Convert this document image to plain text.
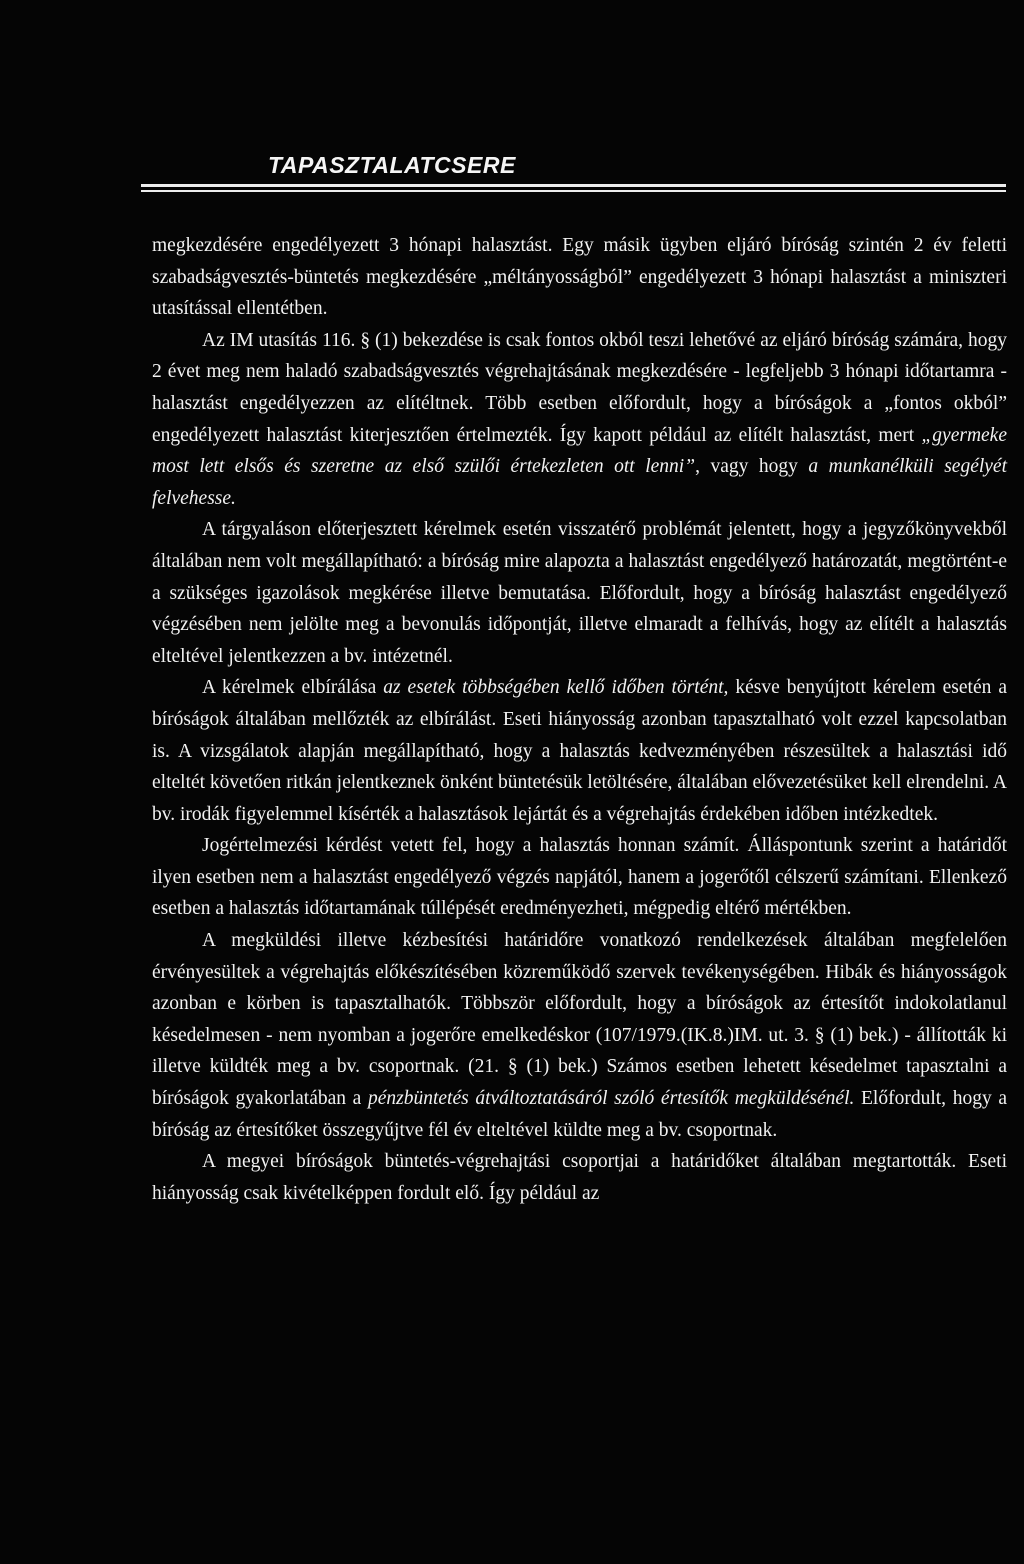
TAPASZTALATCSERE

megkezdésére engedélyezett 3 hónapi halasztást. Egy másik ügyben eljáró bíróság szintén 2 év feletti szabadságvesztés-büntetés megkezdésére „méltányosságból” engedélyezett 3 hónapi halasztást a miniszteri utasítással ellentétben.

Az IM utasítás 116. § (1) bekezdése is csak fontos okból teszi lehetővé az eljáró bíróság számára, hogy 2 évet meg nem haladó szabadságvesztés végrehajtásának megkezdésére - legfeljebb 3 hónapi időtartamra - halasztást engedélyezzen az elítéltnek. Több esetben előfordult, hogy a bíróságok a „fontos okból” engedélyezett halasztást kiterjesztően értelmezték. Így kapott például az elítélt halasztást, mert „gyermeke most lett elsős és szeretne az első szülői értekezleten ott lenni”, vagy hogy a munkanélküli segélyét felvehesse.

A tárgyaláson előterjesztett kérelmek esetén visszatérő problémát jelentett, hogy a jegyzőkönyvekből általában nem volt megállapítható: a bíróság mire alapozta a halasztást engedélyező határozatát, megtörtént-e a szükséges igazolások megkérése illetve bemutatása. Előfordult, hogy a bíróság halasztást engedélyező végzésében nem jelölte meg a bevonulás időpontját, illetve elmaradt a felhívás, hogy az elítélt a halasztás elteltével jelentkezzen a bv. intézetnél.

A kérelmek elbírálása az esetek többségében kellő időben történt, késve benyújtott kérelem esetén a bíróságok általában mellőzték az elbírálást. Eseti hiányosság azonban tapasztalható volt ezzel kapcsolatban is. A vizsgálatok alapján megállapítható, hogy a halasztás kedvezményében részesültek a halasztási idő elteltét követően ritkán jelentkeznek önként büntetésük letöltésére, általában elővezetésüket kell elrendelni. A bv. irodák figyelemmel kísérték a halasztások lejártát és a végrehajtás érdekében időben intézkedtek.

Jogértelmezési kérdést vetett fel, hogy a halasztás honnan számít. Álláspontunk szerint a határidőt ilyen esetben nem a halasztást engedélyező végzés napjától, hanem a jogerőtől célszerű számítani. Ellenkező esetben a halasztás időtartamának túllépését eredményezheti, mégpedig eltérő mértékben.

A megküldési illetve kézbesítési határidőre vonatkozó rendelkezések általában megfelelően érvényesültek a végrehajtás előkészítésében közreműködő szervek tevékenységében. Hibák és hiányosságok azonban e körben is tapasztalhatók. Többször előfordult, hogy a bíróságok az értesítőt indokolatlanul késedelmesen - nem nyomban a jogerőre emelkedéskor (107/1979.(IK.8.)IM. ut. 3. § (1) bek.) - állították ki illetve küldték meg a bv. csoportnak. (21. § (1) bek.) Számos esetben lehetett késedelmet tapasztalni a bíróságok gyakorlatában a pénzbüntetés átváltoztatásáról szóló értesítők megküldésénél. Előfordult, hogy a bíróság az értesítőket összegyűjtve fél év elteltével küldte meg a bv. csoportnak.

A megyei bíróságok büntetés-végrehajtási csoportjai a határidőket általában megtartották. Eseti hiányosság csak kivételképpen fordult elő. Így például az
